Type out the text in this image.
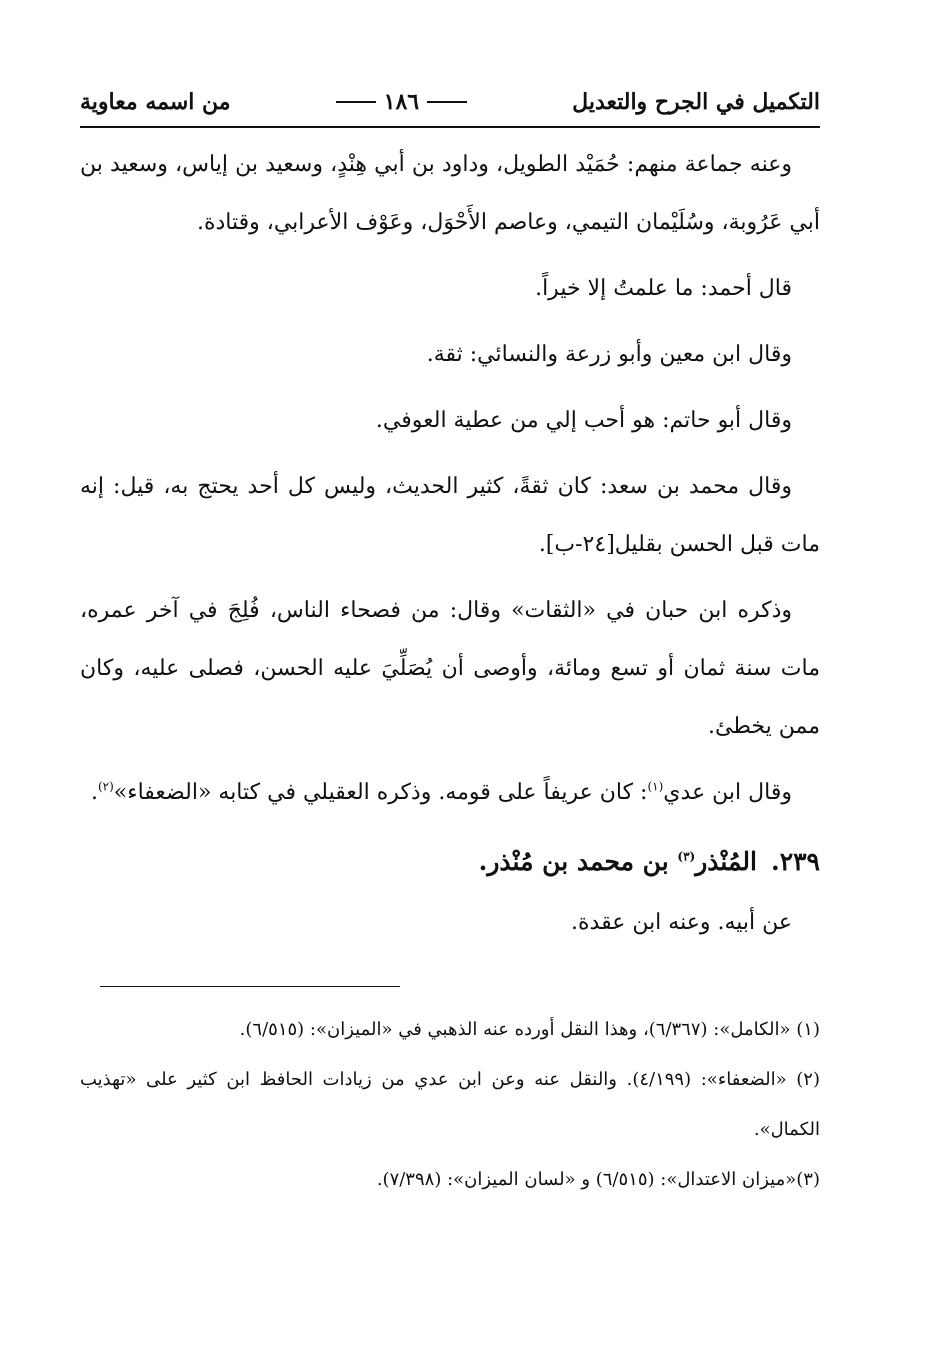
التكميل في الجرح والتعديل
١٨٦
من اسمه معاوية

وعنه جماعة منهم: حُمَيْد الطويل، وداود بن أبي هِنْدٍ، وسعيد بن إياس، وسعيد بن أبي عَرُوبة، وسُلَيْمان التيمي، وعاصم الأَحْوَل، وعَوْف الأعرابي، وقتادة.

قال أحمد: ما علمتُ إلا خيراً.

وقال ابن معين وأبو زرعة والنسائي: ثقة.

وقال أبو حاتم: هو أحب إلي من عطية العوفي.

وقال محمد بن سعد: كان ثقةً، كثير الحديث، وليس كل أحد يحتج به، قيل: إنه مات قبل الحسن بقليل[٢٤-ب].

وذكره ابن حبان في «الثقات» وقال: من فصحاء الناس، فُلِجَ في آخر عمره، مات سنة ثمان أو تسع ومائة، وأوصى أن يُصَلِّيَ عليه الحسن، فصلى عليه، وكان ممن يخطئ.

وقال ابن عدي$^{(١)}$: كان عريفاً على قومه. وذكره العقيلي في كتابه «الضعفاء»$^{(٢)}$.

٢٣٩.المُنْذر$^{(٣)}$ بن محمد بن مُنْذر.

عن أبيه. وعنه ابن عقدة.

(١) «الكامل»: (٦/٣٦٧)، وهذا النقل أورده عنه الذهبي في «الميزان»: (٦/٥١٥).

(٢) «الضعفاء»: (٤/١٩٩). والنقل عنه وعن ابن عدي من زيادات الحافظ ابن كثير على «تهذيب الكمال».

(٣)«ميزان الاعتدال»: (٦/٥١٥) و «لسان الميزان»: (٧/٣٩٨).
